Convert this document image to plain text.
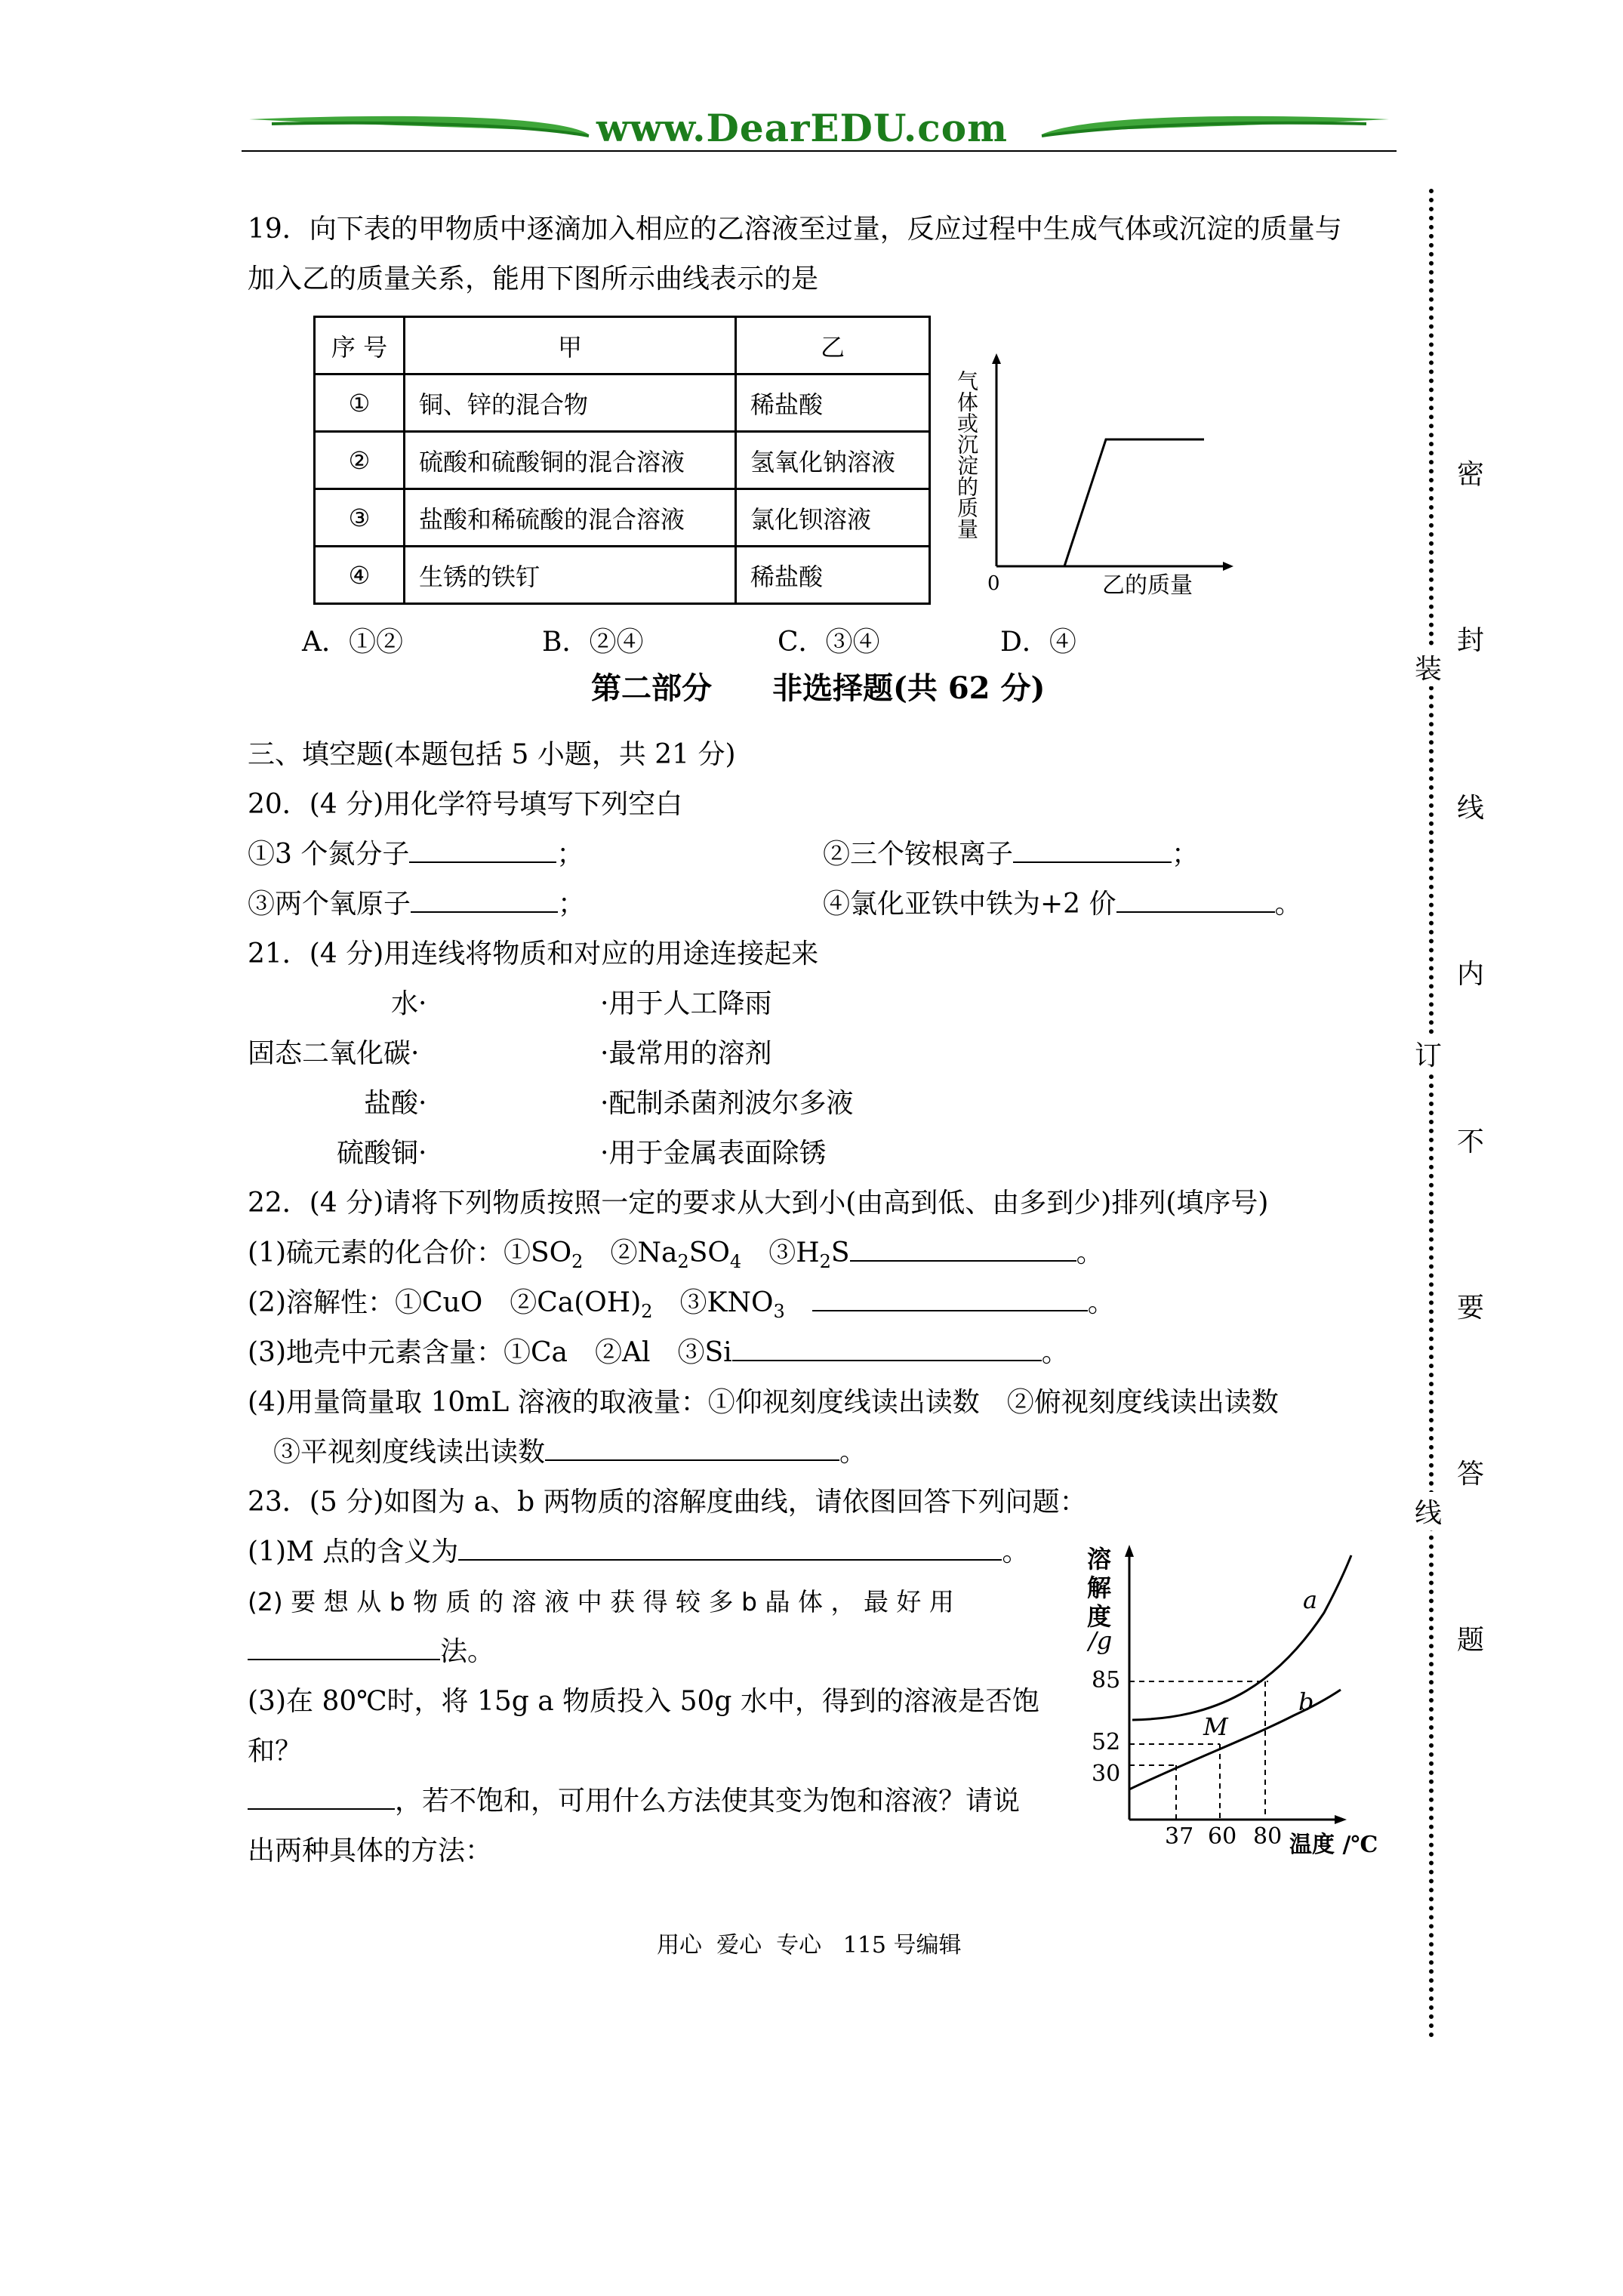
www.DearEDU.com
19．向下表的甲物质中逐滴加入相应的乙溶液至过量，反应过程中生成气体或沉淀的质量与
加入乙的质量关系，能用下图所示曲线表示的是
序 号	甲	乙
①	铜、锌的混合物	稀盐酸
②	硫酸和硫酸铜的混合溶液	氢氧化钠溶液
③	盐酸和稀硫酸的混合溶液	氯化钡溶液
④	生锈的铁钉	稀盐酸
气体或沉淀的质量
0	乙的质量
A．①②	B．②④	C．③④	D．④
第二部分　　非选择题(共 62 分)
三、填空题(本题包括 5 小题，共 21 分)
20．(4 分)用化学符号填写下列空白
①3 个氮分子	；	②三个铵根离子	；
③两个氧原子	；	④氯化亚铁中铁为+2 价	。
21．(4 分)用连线将物质和对应的用途连接起来
水·	·用于人工降雨
固态二氧化碳·	·最常用的溶剂
盐酸·	·配制杀菌剂波尔多液
硫酸铜·	·用于金属表面除锈
22．(4 分)请将下列物质按照一定的要求从大到小(由高到低、由多到少)排列(填序号)
(1)硫元素的化合价：$①SO_2$　 $②Na_2SO_4$　 $③H_2S$	。
(2)溶解性：①CuO　$②Ca(OH)_2$　 $③KNO_3$　	。
(3)地壳中元素含量：①Ca　②Al　③Si	。
(4)用量筒量取 10mL 溶液的取液量：①仰视刻度线读出读数　②俯视刻度线读出读数
③平视刻度线读出读数	。
23．(5 分)如图为 a、b 两物质的溶解度曲线，请依图回答下列问题：
(1)M 点的含义为	。
(2) 要 想 从 b 物 质 的 溶 液 中 获 得 较 多 b 晶 体 ， 最 好 用
法。
(3)在 80℃时，将 15g a 物质投入 50g 水中，得到的溶液是否饱
和？
，若不饱和，可用什么方法使其变为饱和溶液？请说
出两种具体的方法：
溶
解
度
/g
85
52
30
37 60 80 温度 /℃
a
b
M
用心  爱心  专心   115 号编辑
密
封
装
线
内
订
不
要
答
线
题
